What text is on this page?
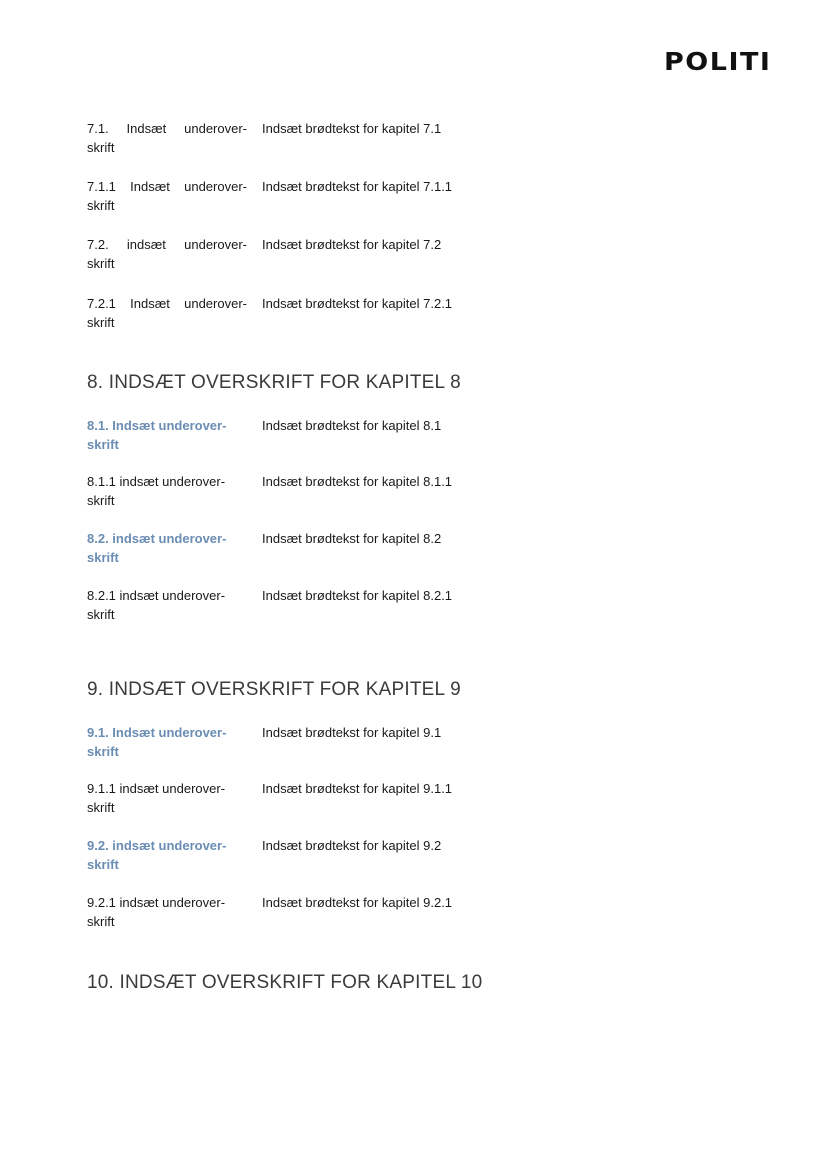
POLITI
7.1. Indsæt underover-
skrift
Indsæt brødtekst for kapitel 7.1
7.1.1 Indsæt underover-
skrift
Indsæt brødtekst for kapitel 7.1.1
7.2. indsæt underover-
skrift
Indsæt brødtekst for kapitel 7.2
7.2.1 Indsæt underover-
skrift
Indsæt brødtekst for kapitel 7.2.1
8. INDSÆT OVERSKRIFT FOR KAPITEL 8
8.1. Indsæt underover-
skrift
Indsæt brødtekst for kapitel 8.1
8.1.1 indsæt underover-
skrift
Indsæt brødtekst for kapitel 8.1.1
8.2. indsæt underover-
skrift
Indsæt brødtekst for kapitel 8.2
8.2.1 indsæt underover-
skrift
Indsæt brødtekst for kapitel 8.2.1
9. INDSÆT OVERSKRIFT FOR KAPITEL 9
9.1. Indsæt underover-
skrift
Indsæt brødtekst for kapitel 9.1
9.1.1 indsæt underover-
skrift
Indsæt brødtekst for kapitel 9.1.1
9.2. indsæt underover-
skrift
Indsæt brødtekst for kapitel 9.2
9.2.1 indsæt underover-
skrift
Indsæt brødtekst for kapitel 9.2.1
10. INDSÆT OVERSKRIFT FOR KAPITEL 10
